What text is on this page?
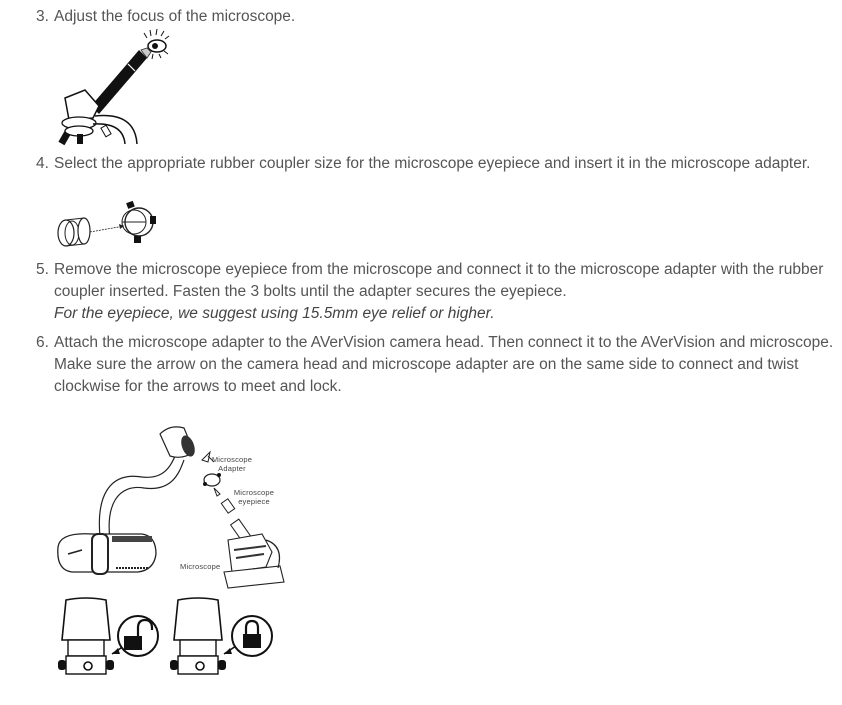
3. Adjust the focus of the microscope.

4. Select the appropriate rubber coupler size for the microscope eyepiece and insert it in the microscope adapter.

5. Remove the microscope eyepiece from the microscope and connect it to the microscope adapter with the rubber coupler inserted. Fasten the 3 bolts until the adapter secures the eyepiece.

For the eyepiece, we suggest using 15.5mm eye relief or higher.

6. Attach the microscope adapter to the AVerVision camera head. Then connect it to the AVerVision and microscope.

Make sure the arrow on the camera head and microscope adapter are on the same side to connect and twist clockwise for the arrows to meet and lock.

Microscope Adapter
Microscope eyepiece
Microscope
